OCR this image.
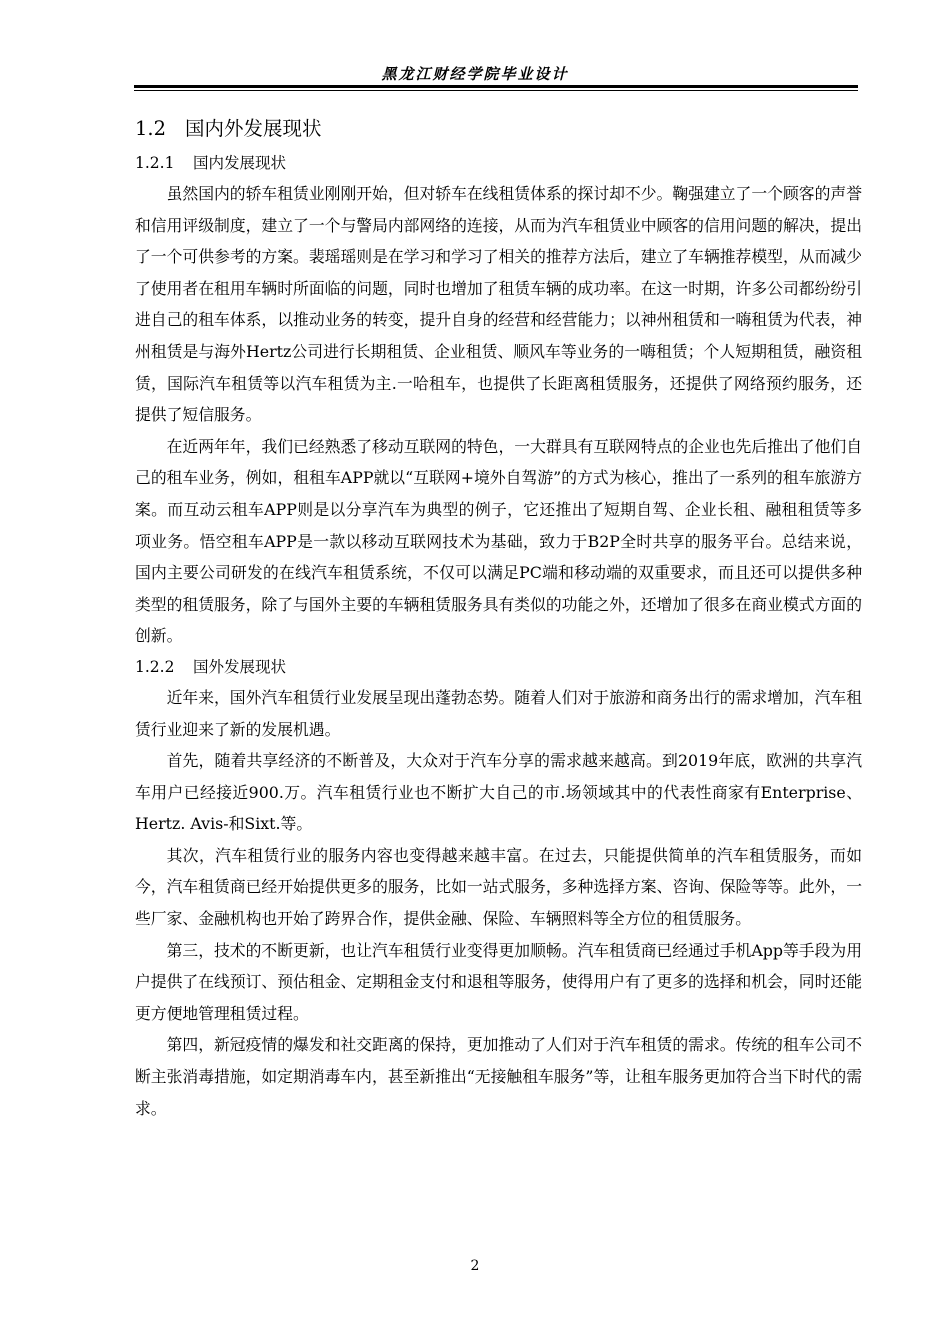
黑龙江财经学院毕业设计
1.2 国内外发展现状
1.2.1 国内发展现状

虽然国内的轿车租赁业刚刚开始，但对轿车在线租赁体系的探讨却不少。鞠强建立了一个顾客的声誉和信用评级制度，建立了一个与警局内部网络的连接，从而为汽车租赁业中顾客的信用问题的解决，提出了一个可供参考的方案。裴瑶瑶则是在学习和学习了相关的推荐方法后，建立了车辆推荐模型，从而减少了使用者在租用车辆时所面临的问题，同时也增加了租赁车辆的成功率。在这一时期，许多公司都纷纷引进自己的租车体系，以推动业务的转变，提升自身的经营和经营能力；以神州租赁和一嗨租赁为代表，神州租赁是与海外Hertz公司进行长期租赁、企业租赁、顺风车等业务的一嗨租赁；个人短期租赁，融资租赁，国际汽车租赁等以汽车租赁为主.一哈租车，也提供了长距离租赁服务，还提供了网络预约服务，还提供了短信服务。

在近两年年，我们已经熟悉了移动互联网的特色，一大群具有互联网特点的企业也先后推出了他们自己的租车业务，例如，租租车APP就以“互联网+境外自驾游”的方式为核心，推出了一系列的租车旅游方案。而互动云租车APP则是以分享汽车为典型的例子，它还推出了短期自驾、企业长租、融租租赁等多项业务。悟空租车APP是一款以移动互联网技术为基础，致力于B2P全时共享的服务平台。总结来说，国内主要公司研发的在线汽车租赁系统，不仅可以满足PC端和移动端的双重要求，而且还可以提供多种类型的租赁服务，除了与国外主要的车辆租赁服务具有类似的功能之外，还增加了很多在商业模式方面的创新。

1.2.2 国外发展现状

近年来，国外汽车租赁行业发展呈现出蓬勃态势。随着人们对于旅游和商务出行的需求增加，汽车租赁行业迎来了新的发展机遇。

首先，随着共享经济的不断普及，大众对于汽车分享的需求越来越高。到2019年底，欧洲的共享汽车用户已经接近900.万。汽车租赁行业也不断扩大自己的市.场领域其中的代表性商家有Enterprise、Hertz. Avis-和Sixt.等。

其次，汽车租赁行业的服务内容也变得越来越丰富。在过去，只能提供简单的汽车租赁服务，而如今，汽车租赁商已经开始提供更多的服务，比如一站式服务，多种选择方案、咨询、保险等等。此外，一些厂家、金融机构也开始了跨界合作，提供金融、保险、车辆照料等全方位的租赁服务。

第三，技术的不断更新，也让汽车租赁行业变得更加顺畅。汽车租赁商已经通过手机App等手段为用户提供了在线预订、预估租金、定期租金支付和退租等服务，使得用户有了更多的选择和机会，同时还能更方便地管理租赁过程。

第四，新冠疫情的爆发和社交距离的保持，更加推动了人们对于汽车租赁的需求。传统的租车公司不断主张消毒措施，如定期消毒车内，甚至新推出“无接触租车服务”等，让租车服务更加符合当下时代的需求。

2
